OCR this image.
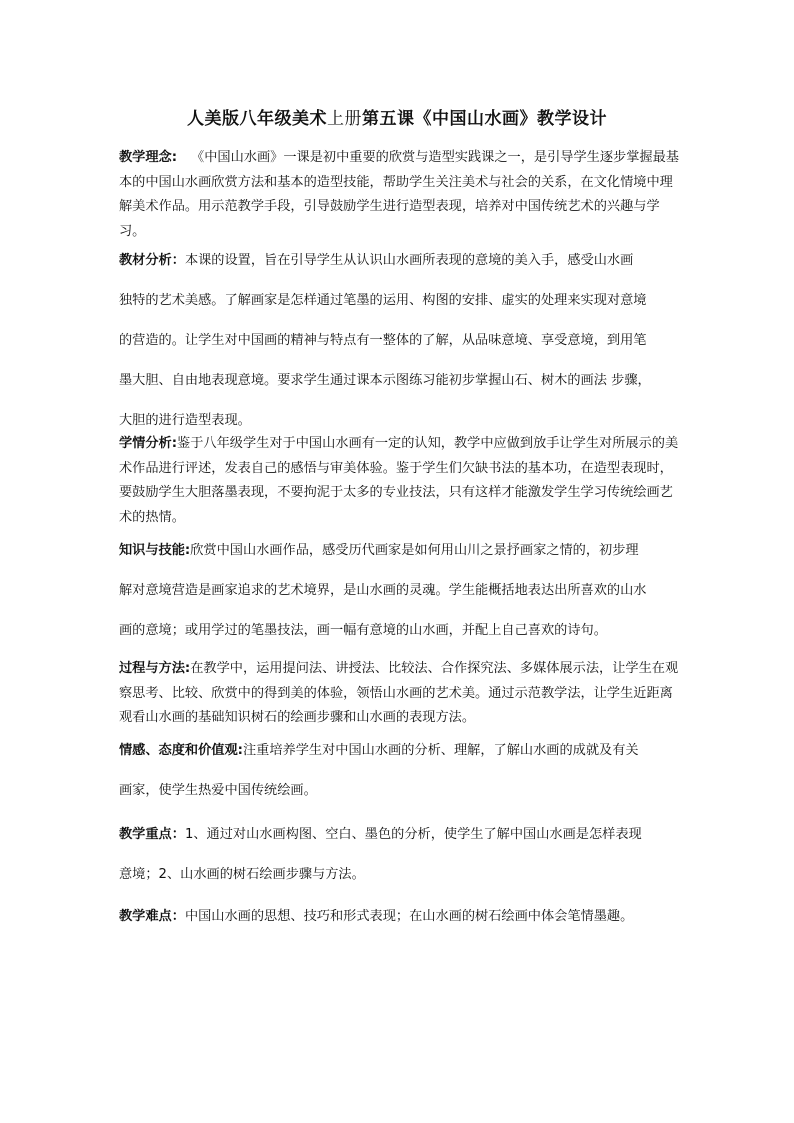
人美版八年级美术上册第五课《中国山水画》教学设计
教学理念: 《中国山水画》一课是初中重要的欣赏与造型实践课之一，是引导学生逐步掌握最基本的中国山水画欣赏方法和基本的造型技能，帮助学生关注美术与社会的关系，在文化情境中理解美术作品。用示范教学手段，引导鼓励学生进行造型表现，培养对中国传统艺术的兴趣与学习。
教材分析：本课的设置，旨在引导学生从认识山水画所表现的意境的美入手，感受山水画
独特的艺术美感。了解画家是怎样通过笔墨的运用、构图的安排、虚实的处理来实现对意境
的营造的。让学生对中国画的精神与特点有一整体的了解，从品味意境、享受意境，到用笔
墨大胆、自由地表现意境。要求学生通过课本示图练习能初步掌握山石、树木的画法 步骤，
大胆的进行造型表现。
学情分析:鉴于八年级学生对于中国山水画有一定的认知，教学中应做到放手让学生对所展示的美术作品进行评述，发表自己的感悟与审美体验。鉴于学生们欠缺书法的基本功，在造型表现时，要鼓励学生大胆落墨表现，不要拘泥于太多的专业技法，只有这样才能激发学生学习传统绘画艺术的热情。
知识与技能:欣赏中国山水画作品，感受历代画家是如何用山川之景抒画家之情的，初步理
解对意境营造是画家追求的艺术境界，是山水画的灵魂。学生能概括地表达出所喜欢的山水
画的意境；或用学过的笔墨技法，画一幅有意境的山水画，并配上自己喜欢的诗句。
过程与方法:在教学中，运用提问法、讲授法、比较法、合作探究法、多媒体展示法，让学生在观察思考、比较、欣赏中的得到美的体验，领悟山水画的艺术美。通过示范教学法，让学生近距离观看山水画的基础知识树石的绘画步骤和山水画的表现方法。
情感、态度和价值观:注重培养学生对中国山水画的分析、理解，了解山水画的成就及有关
画家，使学生热爱中国传统绘画。
教学重点：1、通过对山水画构图、空白、墨色的分析，使学生了解中国山水画是怎样表现
意境；2、山水画的树石绘画步骤与方法。
教学难点：中国山水画的思想、技巧和形式表现；在山水画的树石绘画中体会笔情墨趣。
